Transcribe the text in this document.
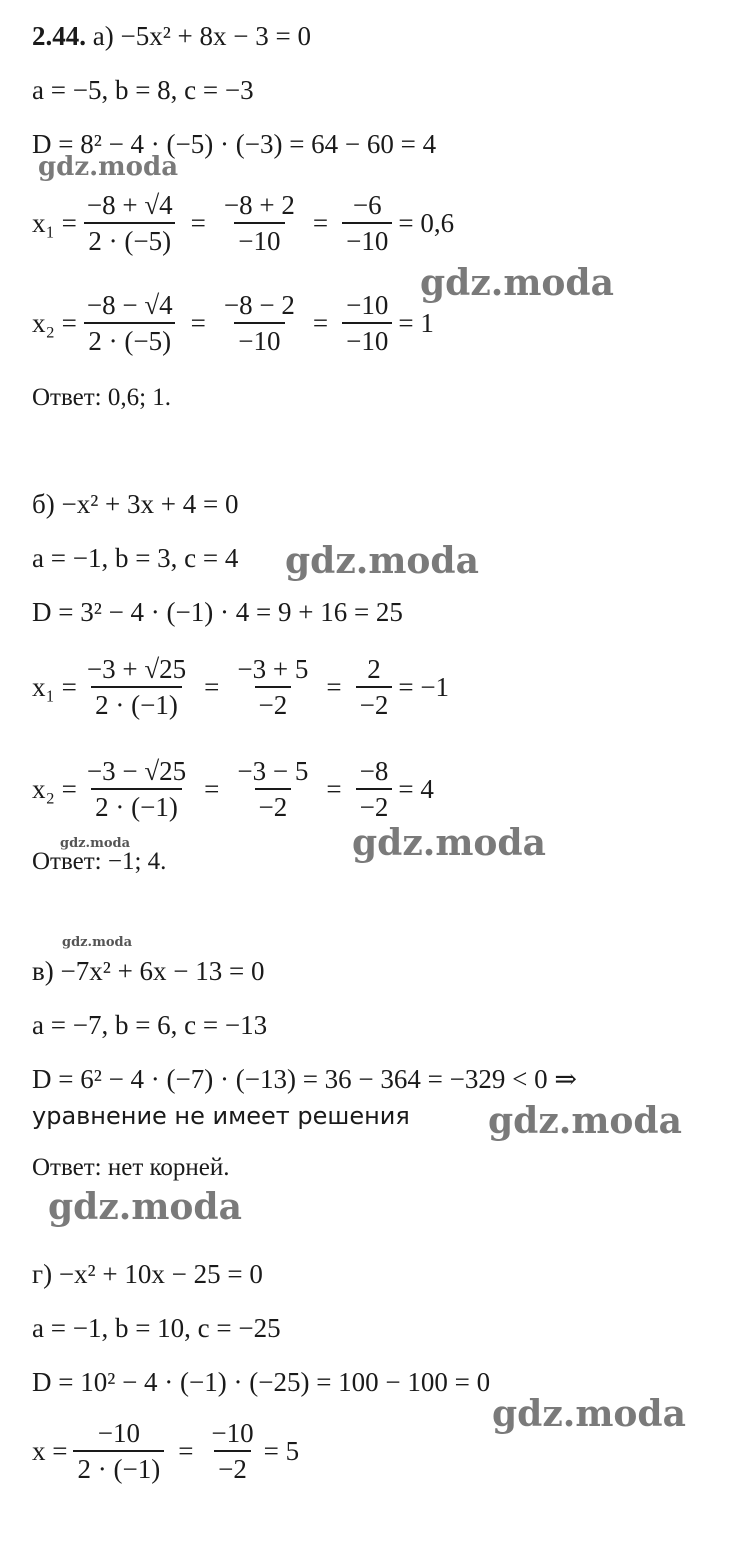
2.44. а) −5x² + 8x − 3 = 0
a = −5, b = 8, c = −3
D = 8² − 4 · (−5) · (−3) = 64 − 60 = 4
$x_1 = \frac{-8 + √4}{2 \cdot (-5)} = \frac{-8 + 2}{-10} = \frac{-6}{-10} = 0,6$
$x_2 = \frac{-8 - √4}{2 \cdot (-5)} = \frac{-8 - 2}{-10} = \frac{-10}{-10} = 1$
Ответ: 0,6; 1.
б) −x² + 3x + 4 = 0
a = −1, b = 3, c = 4
D = 3² − 4 · (−1) · 4 = 9 + 16 = 25
$x_1 = \frac{-3 + √25}{2 \cdot (-1)} = \frac{-3 + 5}{-2} = \frac{2}{-2} = -1$
$x_2 = \frac{-3 - √25}{2 \cdot (-1)} = \frac{-3 - 5}{-2} = \frac{-8}{-2} = 4$
Ответ: −1; 4.
в) −7x² + 6x − 13 = 0
a = −7, b = 6, c = −13
D = 6² − 4 · (−7) · (−13) = 36 − 364 = −329 < 0 ⇒
уравнение не имеет решения
Ответ: нет корней.
г) −x² + 10x − 25 = 0
a = −1, b = 10, c = −25
D = 10² − 4 · (−1) · (−25) = 100 − 100 = 0
$x = \frac{-10}{2 \cdot (-1)} = \frac{-10}{-2} = 5$
gdz.moda
gdz.moda
gdz.moda
gdz.moda
gdz.moda
gdz.moda
gdz.moda
gdz.moda
gdz.moda
